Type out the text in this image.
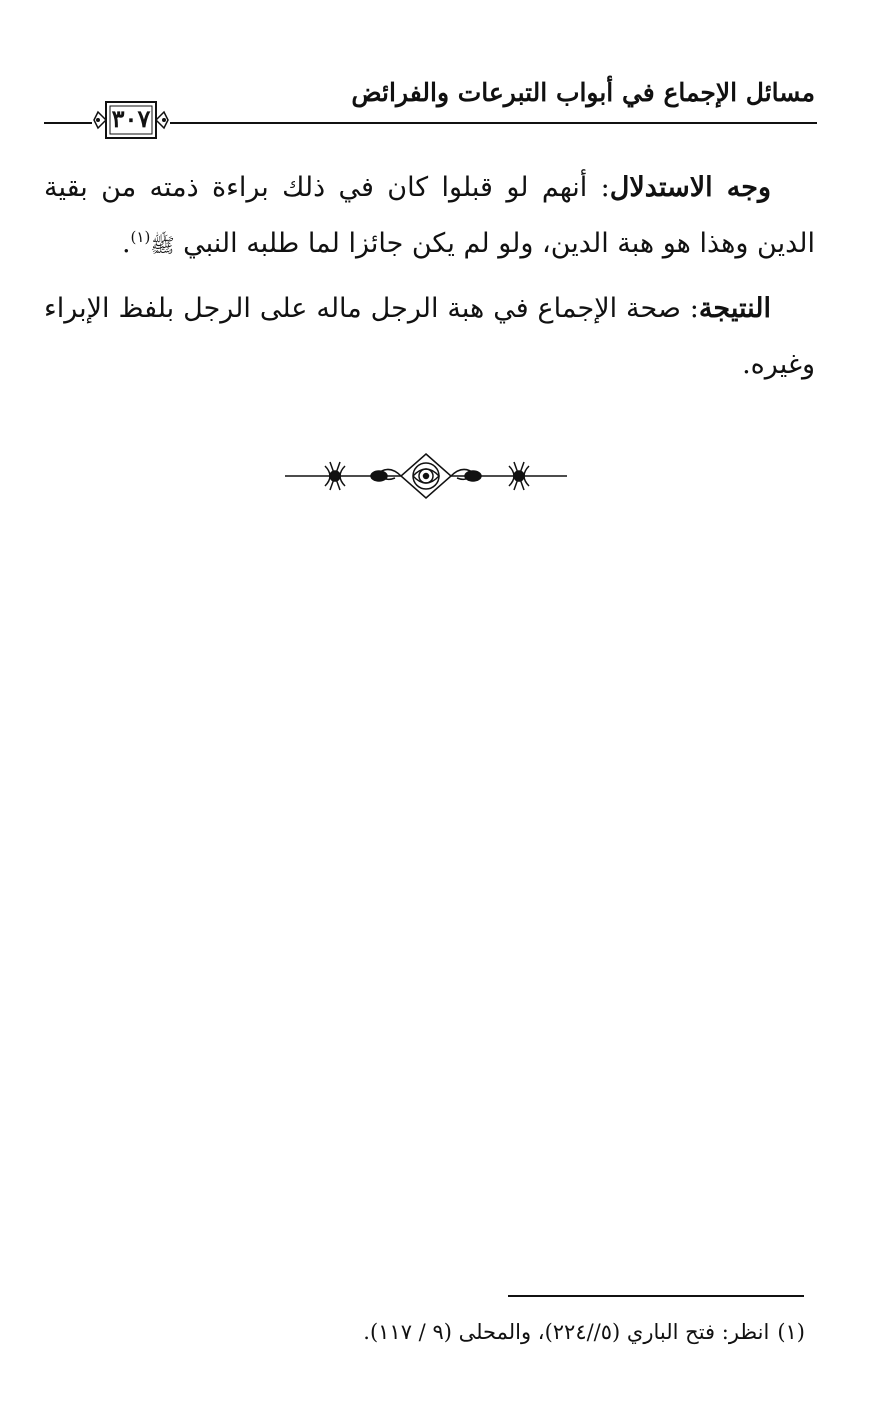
مسائل الإجماع في أبواب التبرعات والفرائض
٣٠٧

وجه الاستدلال: أنهم لو قبلوا كان في ذلك براءة ذمته من بقية الدين وهذا هو هبة الدين، ولو لم يكن جائزا لما طلبه النبي ﷺ$^{(١)}$.

النتيجة: صحة الإجماع في هبة الرجل ماله على الرجل بلفظ الإبراء وغيره.

(١)انظر: فتح الباري (٥//٢٢٤)، والمحلى (٩ / ١١٧).
